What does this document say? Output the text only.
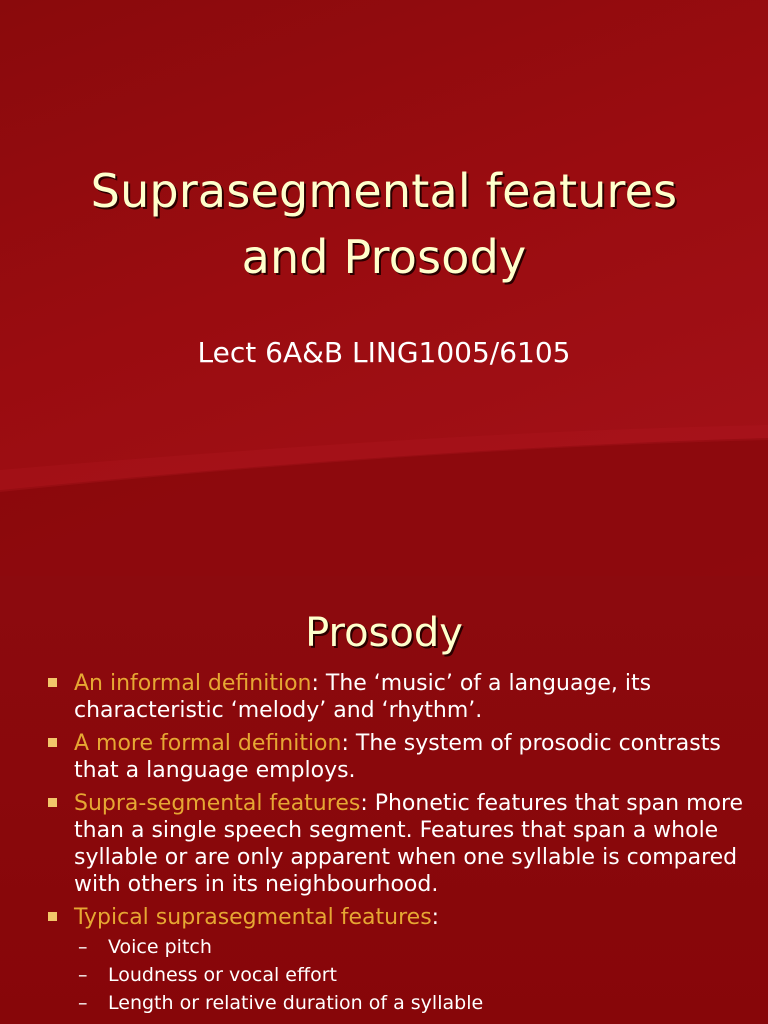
Suprasegmental features
and Prosody
Lect 6A&B LING1005/6105
Prosody
An informal definition: The ‘music’ of a language, its characteristic ‘melody’ and ‘rhythm’.
A more formal definition: The system of prosodic contrasts that a language employs.
Supra-segmental features: Phonetic features that span more than a single speech segment. Features that span a whole syllable or are only apparent when one syllable is compared with others in its neighbourhood.
Typical suprasegmental features:
– Voice pitch
– Loudness or vocal effort
– Length or relative duration of a syllable
